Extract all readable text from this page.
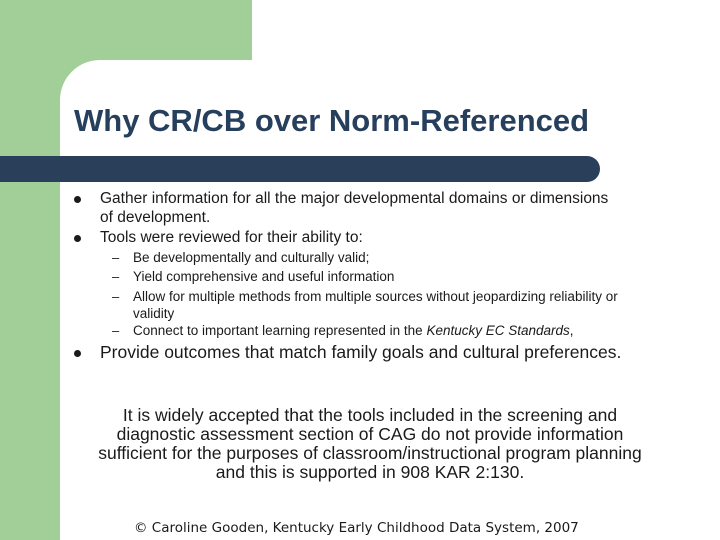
Why CR/CB over Norm-Referenced
Gather information for all the major developmental domains or dimensions of development.
Tools were reviewed for their ability to:
– Be developmentally and culturally valid;
– Yield comprehensive and useful information
– Allow for multiple methods from multiple sources without jeopardizing reliability or validity
– Connect to important learning represented in the Kentucky EC Standards,
Provide outcomes that match family goals and cultural preferences.

It is widely accepted that the tools included in the screening and diagnostic assessment section of CAG do not provide information sufficient for the purposes of classroom/instructional program planning and this is supported in 908 KAR 2:130.

© Caroline Gooden, Kentucky Early Childhood Data System, 2007
